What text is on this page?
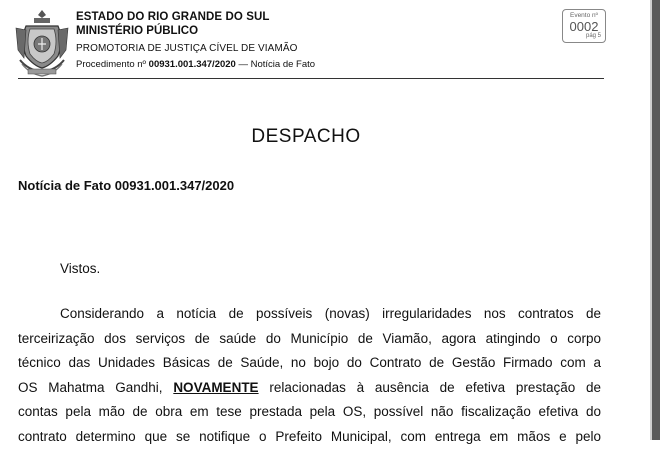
ESTADO DO RIO GRANDE DO SUL
MINISTÉRIO PÚBLICO
PROMOTORIA DE JUSTIÇA CÍVEL DE VIAMÃO
Procedimento nº 00931.001.347/2020 — Notícia de Fato
Evento nº
0002
pág 5
DESPACHO
Notícia de Fato 00931.001.347/2020
Vistos.
Considerando a notícia de possíveis (novas) irregularidades nos contratos de
terceirização dos serviços de saúde do Município de Viamão, agora atingindo o corpo
técnico das Unidades Básicas de Saúde, no bojo do Contrato de Gestão Firmado com a
OS Mahatma Gandhi, NOVAMENTE relacionadas à ausência de efetiva prestação de
contas pela mão de obra em tese prestada pela OS, possível não fiscalização efetiva do
contrato determino que se notifique o Prefeito Municipal, com entrega em mãos e pelo
